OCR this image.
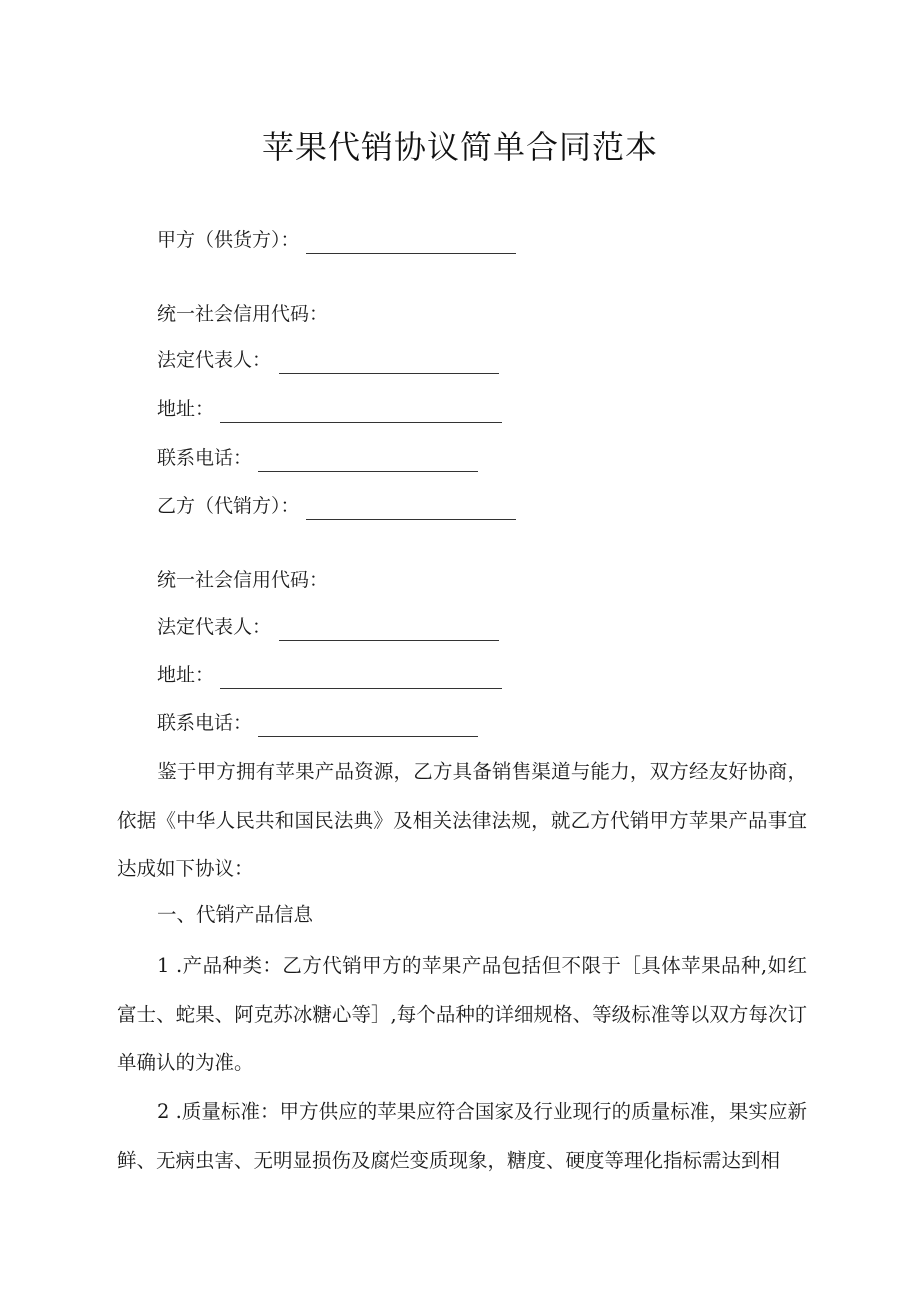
苹果代销协议简单合同范本
甲方（供货方）：
统一社会信用代码：
法定代表人：
地址：
联系电话：
乙方（代销方）：
统一社会信用代码：
法定代表人：
地址：
联系电话：
鉴于甲方拥有苹果产品资源，乙方具备销售渠道与能力，双方经友好协商，依据《中华人民共和国民法典》及相关法律法规，就乙方代销甲方苹果产品事宜达成如下协议：
一、代销产品信息
1 .产品种类：乙方代销甲方的苹果产品包括但不限于［具体苹果品种,如红富士、蛇果、阿克苏冰糖心等］,每个品种的详细规格、等级标准等以双方每次订单确认的为准。
2 .质量标准：甲方供应的苹果应符合国家及行业现行的质量标准，果实应新鲜、无病虫害、无明显损伤及腐烂变质现象，糖度、硬度等理化指标需达到相
